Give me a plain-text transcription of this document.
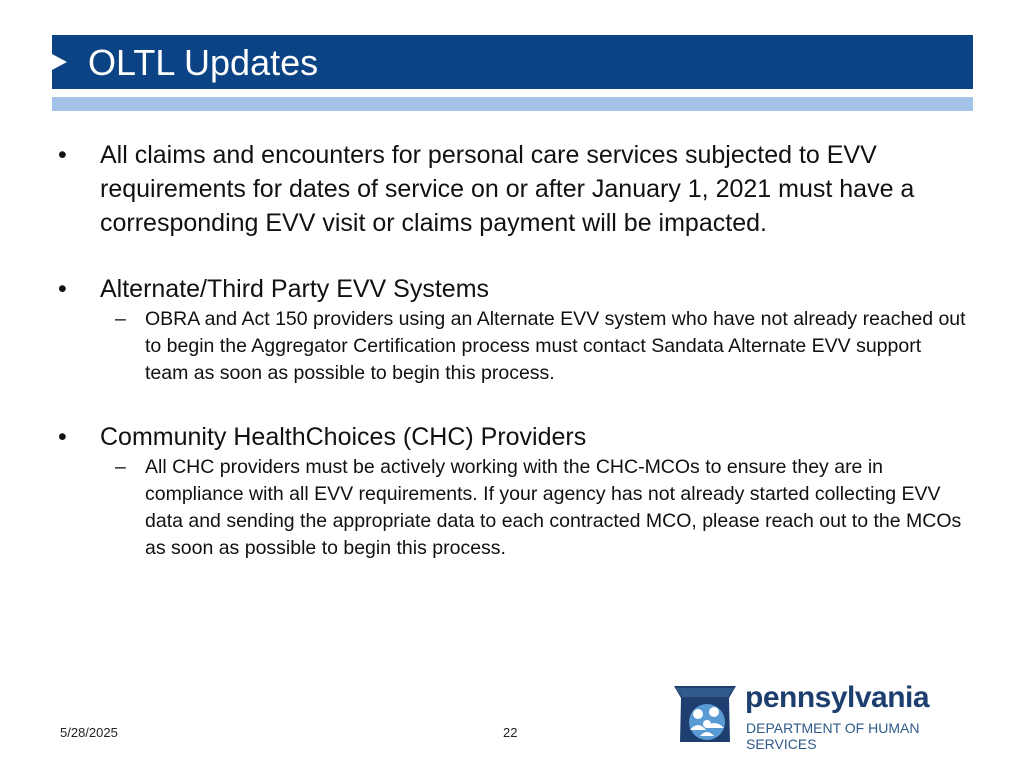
OLTL Updates
•	All claims and encounters for personal care services subjected to EVV requirements for dates of service on or after January 1, 2021 must have a corresponding EVV visit or claims payment will be impacted.
•	Alternate/Third Party EVV Systems
– OBRA and Act 150 providers using an Alternate EVV system who have not already reached out to begin the Aggregator Certification process must contact Sandata Alternate EVV support team as soon as possible to begin this process.
•	Community HealthChoices (CHC) Providers
– All CHC providers must be actively working with the CHC-MCOs to ensure they are in compliance with all EVV requirements. If your agency has not already started collecting EVV data and sending the appropriate data to each contracted MCO, please reach out to the MCOs as soon as possible to begin this process.
5/28/2025	22
pennsylvania
DEPARTMENT OF HUMAN SERVICES
